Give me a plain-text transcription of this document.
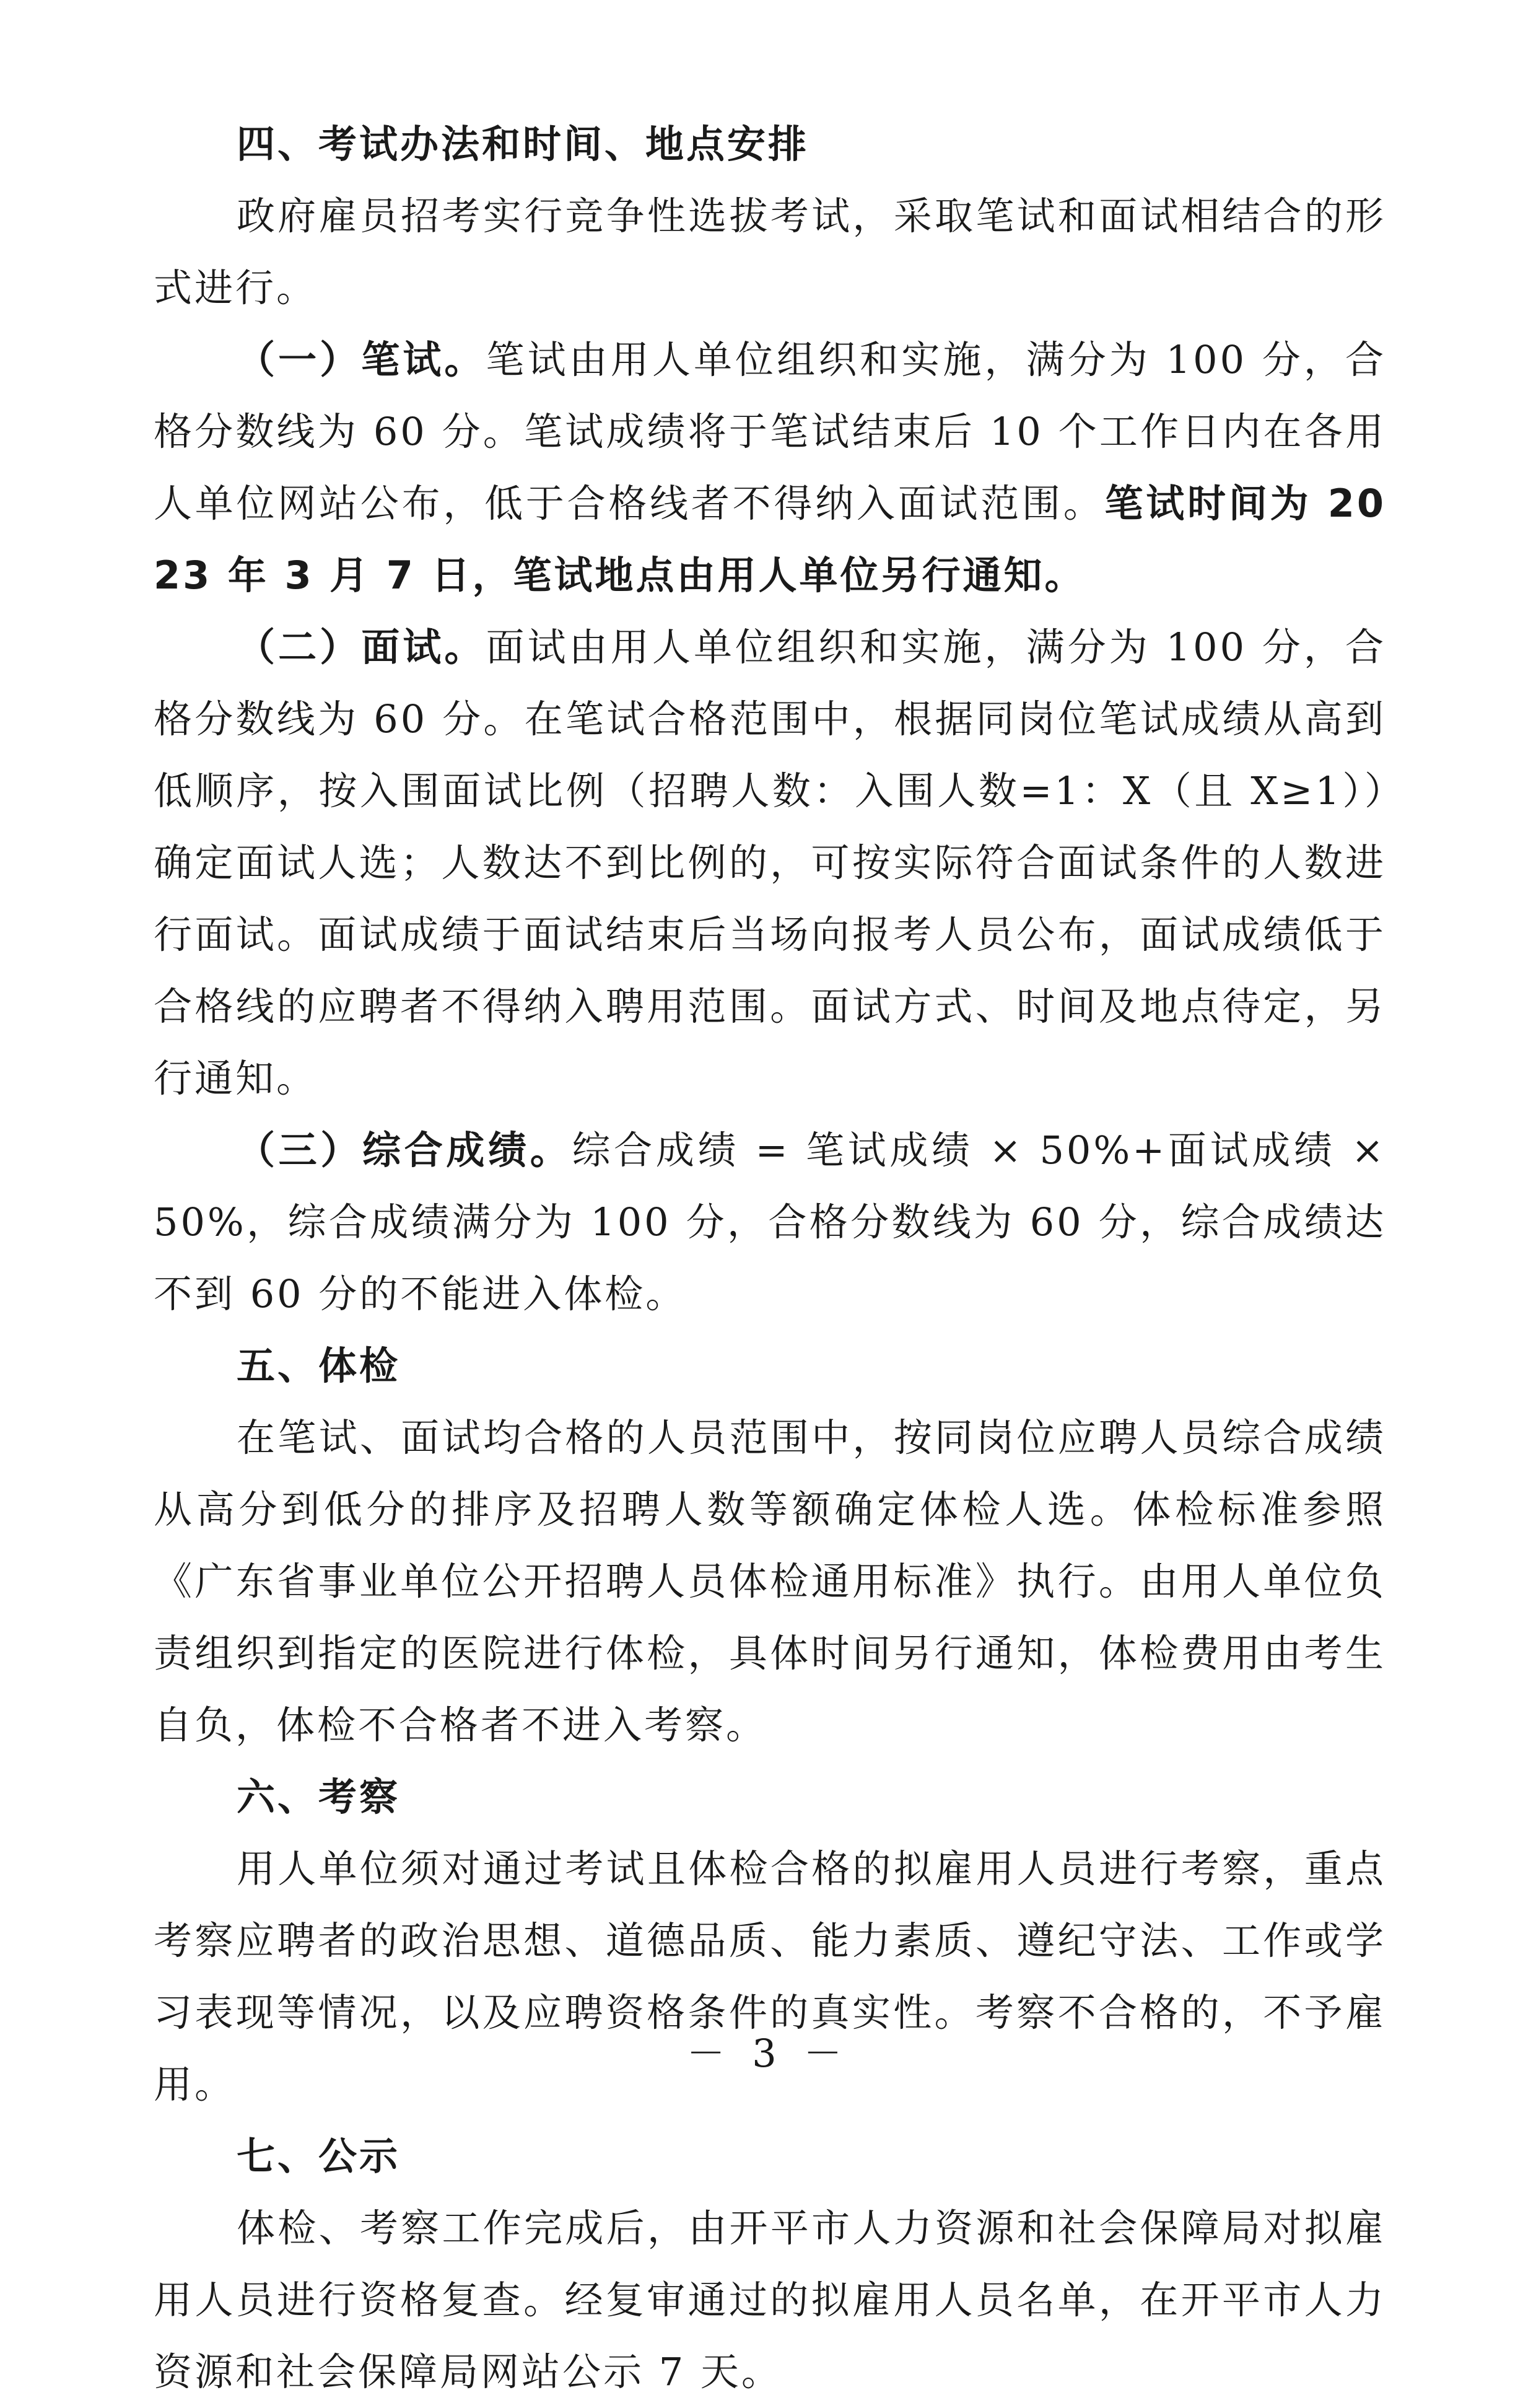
四、考试办法和时间、地点安排

政府雇员招考实行竞争性选拔考试，采取笔试和面试相结合的形式进行。

（一）笔试。笔试由用人单位组织和实施，满分为 100 分，合格分数线为 60 分。笔试成绩将于笔试结束后 10 个工作日内在各用人单位网站公布，低于合格线者不得纳入面试范围。笔试时间为 2023 年 3 月 7 日，笔试地点由用人单位另行通知。

（二）面试。面试由用人单位组织和实施，满分为 100 分，合格分数线为 60 分。在笔试合格范围中，根据同岗位笔试成绩从高到低顺序，按入围面试比例（招聘人数：入围人数=1：X（且 X≥1））确定面试人选；人数达不到比例的，可按实际符合面试条件的人数进行面试。面试成绩于面试结束后当场向报考人员公布，面试成绩低于合格线的应聘者不得纳入聘用范围。面试方式、时间及地点待定，另行通知。

（三）综合成绩。综合成绩 = 笔试成绩 × 50%+面试成绩 × 50%，综合成绩满分为 100 分，合格分数线为 60 分，综合成绩达不到 60 分的不能进入体检。

五、体检

在笔试、面试均合格的人员范围中，按同岗位应聘人员综合成绩从高分到低分的排序及招聘人数等额确定体检人选。体检标准参照《广东省事业单位公开招聘人员体检通用标准》执行。由用人单位负责组织到指定的医院进行体检，具体时间另行通知，体检费用由考生自负，体检不合格者不进入考察。

六、考察

用人单位须对通过考试且体检合格的拟雇用人员进行考察，重点考察应聘者的政治思想、道德品质、能力素质、遵纪守法、工作或学习表现等情况，以及应聘资格条件的真实性。考察不合格的，不予雇用。

七、公示

体检、考察工作完成后，由开平市人力资源和社会保障局对拟雇用人员进行资格复查。经复审通过的拟雇用人员名单，在开平市人力资源和社会保障局网站公示 7 天。

－ 3 －
